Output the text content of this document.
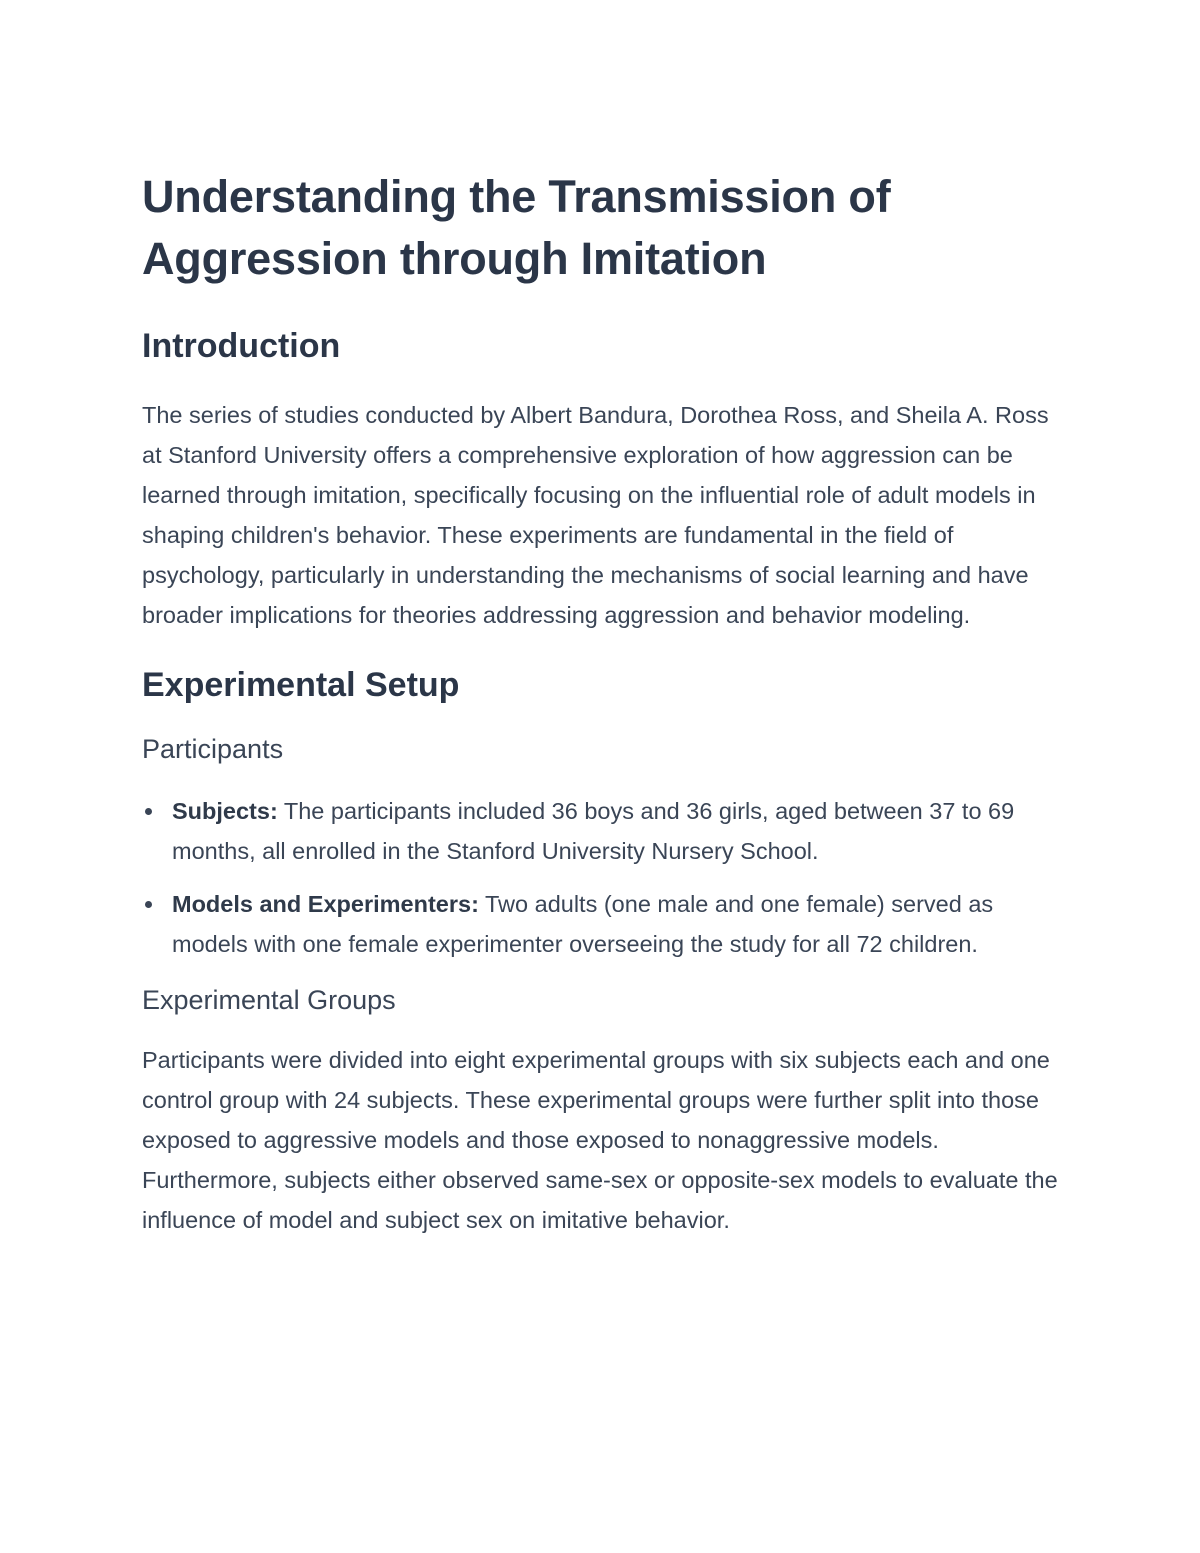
Understanding the Transmission of Aggression through Imitation
Introduction

The series of studies conducted by Albert Bandura, Dorothea Ross, and Sheila A. Ross at Stanford University offers a comprehensive exploration of how aggression can be learned through imitation, specifically focusing on the influential role of adult models in shaping children's behavior. These experiments are fundamental in the field of psychology, particularly in understanding the mechanisms of social learning and have broader implications for theories addressing aggression and behavior modeling.

Experimental Setup
Participants
Subjects: The participants included 36 boys and 36 girls, aged between 37 to 69 months, all enrolled in the Stanford University Nursery School.
Models and Experimenters: Two adults (one male and one female) served as models with one female experimenter overseeing the study for all 72 children.
Experimental Groups

Participants were divided into eight experimental groups with six subjects each and one control group with 24 subjects. These experimental groups were further split into those exposed to aggressive models and those exposed to nonaggressive models. Furthermore, subjects either observed same-sex or opposite-sex models to evaluate the influence of model and subject sex on imitative behavior.
